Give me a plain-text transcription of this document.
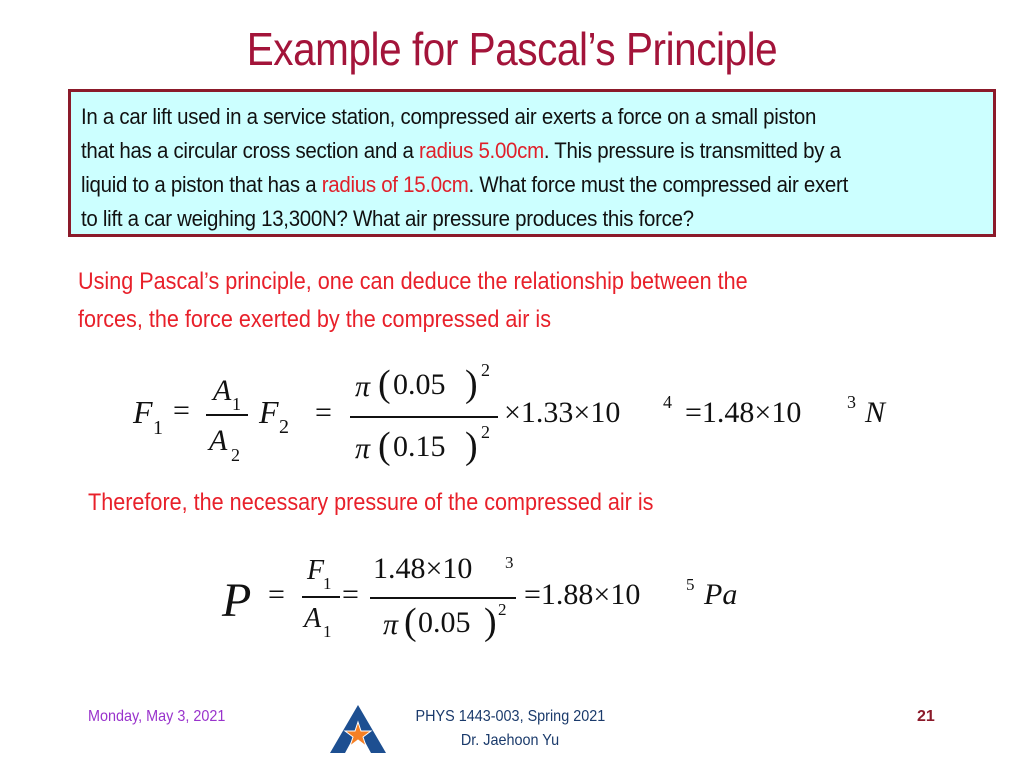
Example for Pascal’s Principle
In a car lift used in a service station, compressed air exerts a force on a small piston
that has a circular cross section and a radius 5.00cm. This pressure is transmitted by a
liquid to a piston that has a radius of 15.0cm. What force must the compressed air exert
to lift a car weighing 13,300N? What air pressure produces this force?
Using Pascal’s principle, one can deduce the relationship between the
forces, the force exerted by the compressed air is
F 1
=
A 1
A 2
F 2 =
π ( 0.05 ) 2
π ( 0.15 ) 2
×1.33×10 4 =1.48×10	3 N
Therefore, the necessary pressure of the compressed air is
P =
F
1
A 1
=
1.48×10 3
π ( 0.05 ) 2 =1.88×10	5 Pa
Monday, May 3, 2021	PHYS 1443-003, Spring 2021
Dr. Jaehoon Yu
21
